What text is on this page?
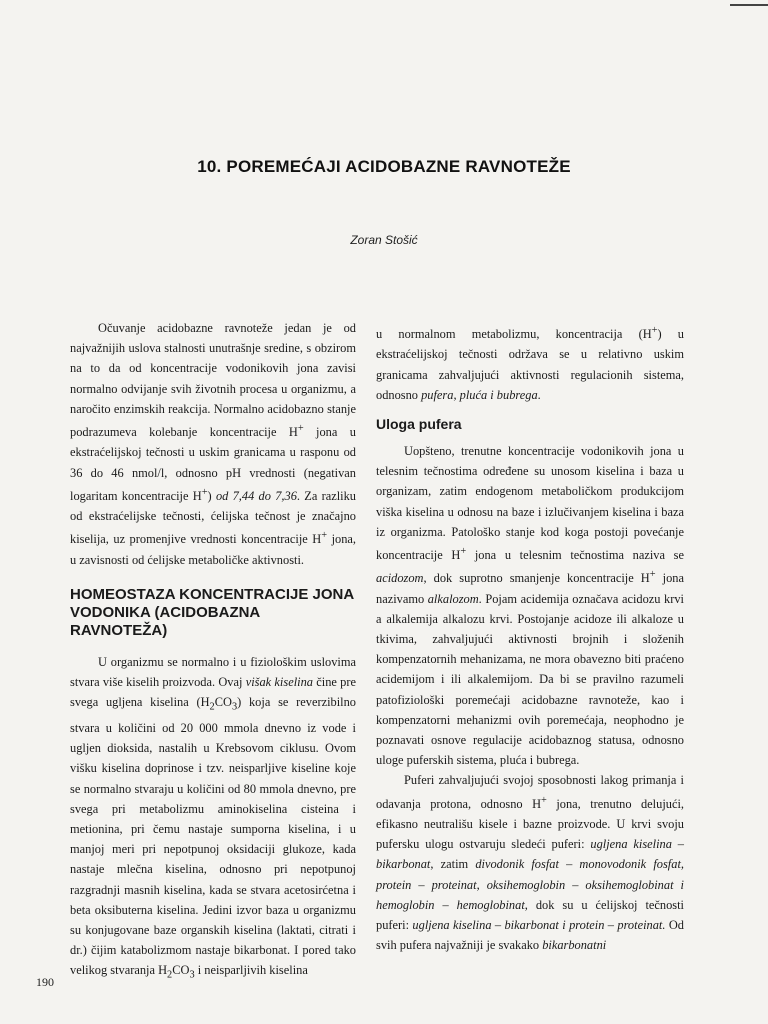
10. POREMEĆAJI ACIDOBAZNE RAVNOTEŽE
Zoran Stošić

Očuvanje acidobazne ravnoteže jedan je od najvažnijih uslova stalnosti unutrašnje sredine, s obzirom na to da od koncentracije vodonikovih jona zavisi normalno odvijanje svih životnih procesa u organizmu, a naročito enzimskih reakcija. Normalno acidobazno stanje podrazumeva kolebanje koncentracije H+ jona u ekstraćelijskoj tečnosti u uskim granicama u rasponu od 36 do 46 nmol/l, odnosno pH vrednosti (negativan logaritam koncentracije H+) od 7,44 do 7,36. Za razliku od ekstraćelijske tečnosti, ćelijska tečnost je značajno kiselija, uz promenjive vrednosti koncentracije H+ jona, u zavisnosti od ćelijske metaboličke aktivnosti.

HOMEOSTAZA KONCENTRACIJE JONA VODONIKA (ACIDOBAZNA RAVNOTEŽA)

U organizmu se normalno i u fiziološkim uslovima stvara više kiselih proizvoda. Ovaj višak kiselina čine pre svega ugljena kiselina $(H_2CO_3)$ koja se reverzibilno stvara u količini od 20 000 mmola dnevno iz vode i ugljen dioksida, nastalih u Krebsovom ciklusu. Ovom višku kiselina doprinose i tzv. neisparljive kiseline koje se normalno stvaraju u količini od 80 mmola dnevno, pre svega pri metabolizmu aminokiselina cisteina i metionina, pri čemu nastaje sumporna kiselina, i u manjoj meri pri nepotpunoj oksidaciji glukoze, kada nastaje mlečna kiselina, odnosno pri nepotpunoj razgradnji masnih kiselina, kada se stvara acetosirćetna i beta oksibuterna kiselina. Jedini izvor baza u organizmu su konjugovane baze organskih kiselina (laktati, citrati i dr.) čijim katabolizmom nastaje bikarbonat. I pored tako velikog stvaranja $H_2CO_3$ i neisparljivih kiselina

u normalnom metabolizmu, koncentracija (H+) u ekstraćelijskoj tečnosti održava se u relativno uskim granicama zahvaljujući aktivnosti regulacionih sistema, odnosno pufera, pluća i bubrega.

Uloga pufera

Uopšteno, trenutne koncentracije vodonikovih jona u telesnim tečnostima određene su unosom kiselina i baza u organizam, zatim endogenom metaboličkom produkcijom viška kiselina u odnosu na baze i izlučivanjem kiselina i baza iz organizma. Patološko stanje kod koga postoji povećanje koncentracije H+ jona u telesnim tečnostima naziva se acidozom, dok suprotno smanjenje koncentracije H+ jona nazivamo alkalozom. Pojam acidemija označava acidozu krvi a alkalemija alkalozu krvi. Postojanje acidoze ili alkaloze u tkivima, zahvaljujući aktivnosti brojnih i složenih kompenzatornih mehanizama, ne mora obavezno biti praćeno acidemijom i ili alkalemijom. Da bi se pravilno razumeli patofiziološki poremećaji acidobazne ravnoteže, kao i kompenzatorni mehanizmi ovih poremećaja, neophodno je poznavati osnove regulacije acidobaznog statusa, odnosno uloge puferskih sistema, pluća i bubrega.

Puferi zahvaljujući svojoj sposobnosti lakog primanja i odavanja protona, odnosno H+ jona, trenutno delujući, efikasno neutrališu kisele i bazne proizvode. U krvi svoju pufersku ulogu ostvaruju sledeći puferi: ugljena kiselina – bikarbonat, zatim divodonik fosfat – monovodonik fosfat, protein – proteinat, oksihemoglobin – oksihemoglobinat i hemoglobin – hemoglobinat, dok su u ćelijskoj tečnosti puferi: ugljena kiselina – bikarbonat i protein – proteinat. Od svih pufera najvažniji je svakako bikarbonatni

190
